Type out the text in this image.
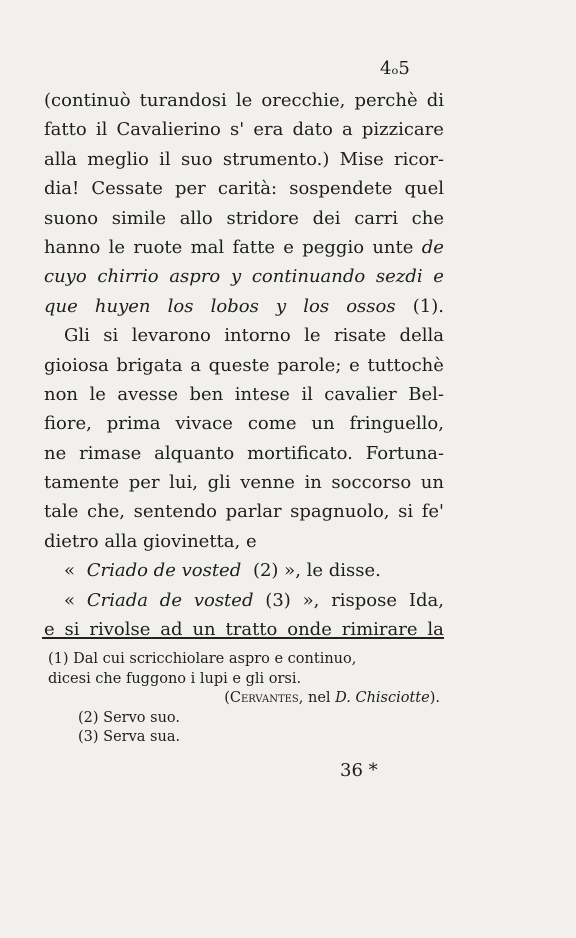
4ₒ5
(continuò turandosi le orecchie, perchè di
fatto il Cavalierino s' era dato a pizzicare
alla meglio il suo strumento.) Mise ricor-
dia! Cessate per carità: sospendete quel
suono simile allo stridore dei carri che
hanno le ruote mal fatte e peggio unte de
cuyo chirrio aspro y continuando sezdi e
que huyen los lobos y los ossos (1).
Gli si levarono intorno le risate della
gioiosa brigata a queste parole; e tuttochè
non le avesse ben intese il cavalier Bel-
fiore, prima vivace come un fringuello,
ne rimase alquanto mortificato. Fortuna-
tamente per lui, gli venne in soccorso un
tale che, sentendo parlar spagnuolo, si fe'
dietro alla giovinetta, e
« Criado de vosted (2) », le disse.
« Criada de vosted (3) », rispose Ida,
e si rivolse ad un tratto onde rimirare la
(1) Dal cui scricchiolare aspro e continuo,
dicesi che fuggono i lupi e gli orsi.
(Cervantes, nel D. Chisciotte).
(2) Servo suo.
(3) Serva sua.
36 *
